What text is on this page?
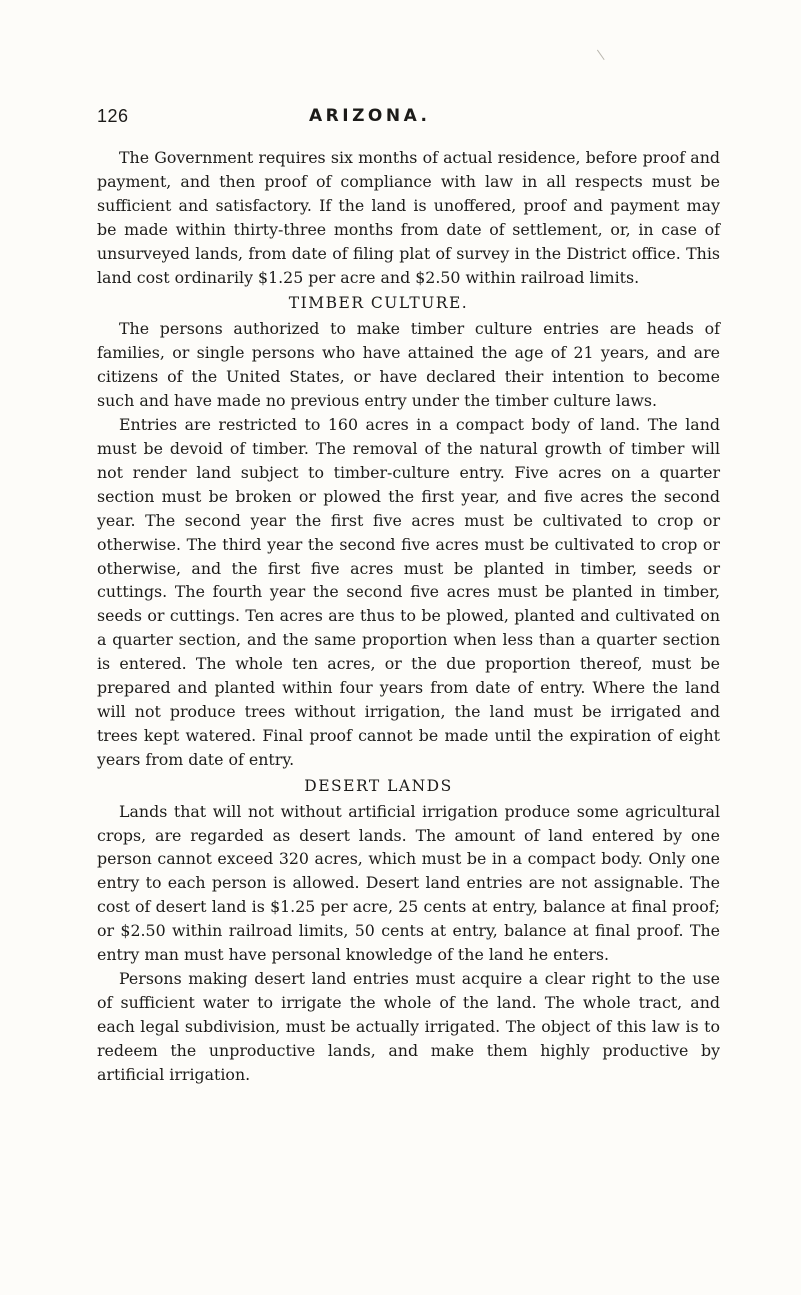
126	ARIZONA.

The Government requires six months of actual residence, before proof and payment, and then proof of compliance with law in all respects must be sufficient and satisfactory. If the land is unoffered, proof and payment may be made within thirty-three months from date of settlement, or, in case of unsurveyed lands, from date of filing plat of survey in the District office. This land cost ordinarily $1.25 per acre and $2.50 within railroad limits.

TIMBER CULTURE.

The persons authorized to make timber culture entries are heads of families, or single persons who have attained the age of 21 years, and are citizens of the United States, or have declared their intention to become such and have made no previous entry under the timber culture laws.

Entries are restricted to 160 acres in a compact body of land. The land must be devoid of timber. The removal of the natural growth of timber will not render land subject to timber-culture entry. Five acres on a quarter section must be broken or plowed the first year, and five acres the second year. The second year the first five acres must be cultivated to crop or otherwise. The third year the second five acres must be cultivated to crop or otherwise, and the first five acres must be planted in timber, seeds or cuttings. The fourth year the second five acres must be planted in timber, seeds or cuttings. Ten acres are thus to be plowed, planted and cultivated on a quarter section, and the same proportion when less than a quarter section is entered. The whole ten acres, or the due proportion thereof, must be prepared and planted within four years from date of entry. Where the land will not produce trees without irrigation, the land must be irrigated and trees kept watered. Final proof cannot be made until the expiration of eight years from date of entry.

DESERT LANDS

Lands that will not without artificial irrigation produce some agricultural crops, are regarded as desert lands. The amount of land entered by one person cannot exceed 320 acres, which must be in a compact body. Only one entry to each person is allowed. Desert land entries are not assignable. The cost of desert land is $1.25 per acre, 25 cents at entry, balance at final proof; or $2.50 within railroad limits, 50 cents at entry, balance at final proof. The entry man must have personal knowledge of the land he enters.

Persons making desert land entries must acquire a clear right to the use of sufficient water to irrigate the whole of the land. The whole tract, and each legal subdivision, must be actually irrigated. The object of this law is to redeem the unproductive lands, and make them highly productive by artificial irrigation.
